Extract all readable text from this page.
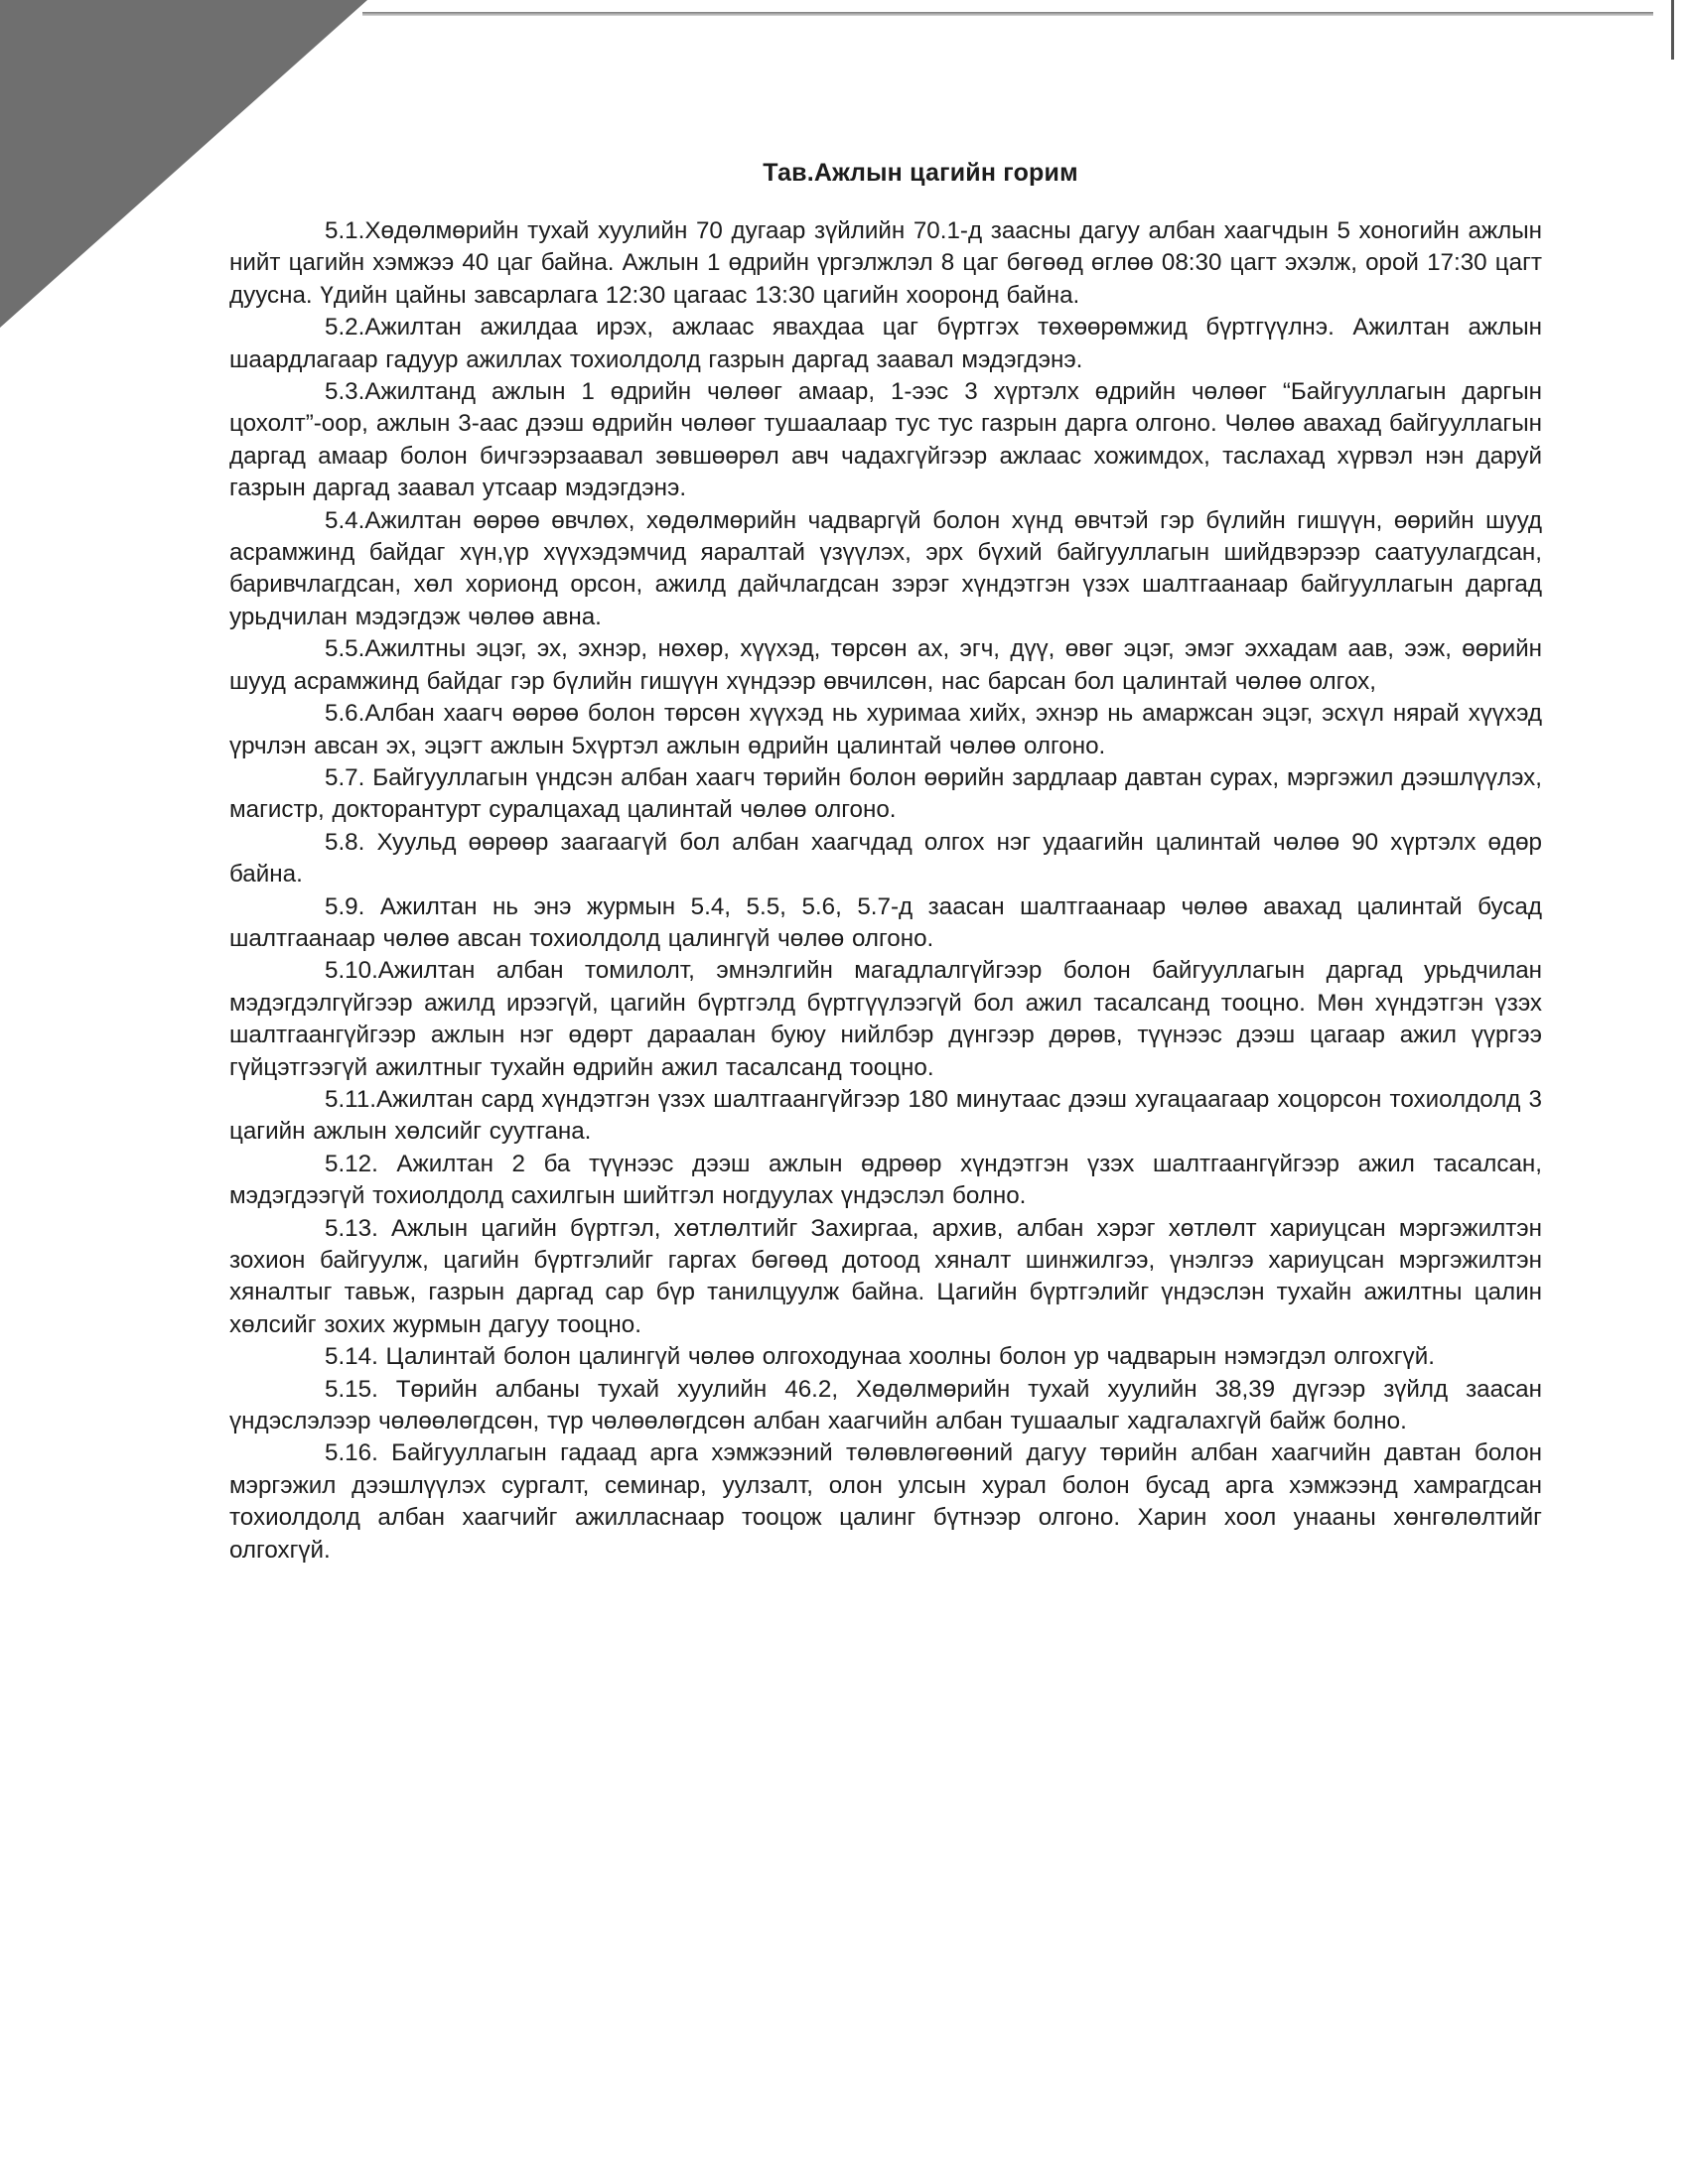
Тав.Ажлын цагийн горим

5.1.Хөдөлмөрийн тухай хуулийн 70 дугаар зүйлийн 70.1-д заасны дагуу албан хаагчдын 5 хоногийн ажлын нийт цагийн хэмжээ 40 цаг байна. Ажлын 1 өдрийн үргэлжлэл 8 цаг бөгөөд өглөө 08:30 цагт эхэлж, орой 17:30 цагт дууснa. Үдийн цайны завсарлага 12:30 цагаас 13:30 цагийн хооронд байна.

5.2.Ажилтан ажилдаа ирэх, ажлаас явахдаа цаг бүртгэх төхөөрөмжид бүртгүүлнэ. Ажилтан ажлын шаардлагаар гадуур ажиллах тохиолдолд газрын даргад заавал мэдэгдэнэ.

5.3.Ажилтанд ажлын 1 өдрийн чөлөөг амаар, 1-ээс 3 хүртэлх өдрийн чөлөөг “Байгууллагын даргын цохолт”-оор, ажлын 3-аас дээш өдрийн чөлөөг тушаалаар тус тус газрын дарга олгоно. Чөлөө авахад байгууллагын даргад амаар болон бичгээрзаавал зөвшөөрөл авч чадахгүйгээр ажлаас хожимдох, таслахад хүрвэл нэн даруй газрын даргад заавал утсаар мэдэгдэнэ.

5.4.Ажилтан өөрөө өвчлөх, хөдөлмөрийн чадваргүй болон хүнд өвчтэй гэр бүлийн гишүүн, өөрийн шууд асрамжинд байдаг хүн,үр хүүхэдэмчид яаралтай үзүүлэх, эрх бүхий байгууллагын шийдвэрээр саатуулагдсан, баривчлагдсан, хөл хорионд орсон, ажилд дайчлагдсан зэрэг хүндэтгэн үзэх шалтгаанаар байгууллагын даргад урьдчилан мэдэгдэж чөлөө авна.

5.5.Ажилтны эцэг, эх, эхнэр, нөхөр, хүүхэд, төрсөн ах, эгч, дүү, өвөг эцэг, эмэг эххадам аав, ээж, өөрийн шууд асрамжинд байдаг гэр бүлийн гишүүн хүндээр өвчилсөн, нас барсан бол цалинтай чөлөө олгох,

5.6.Албан хаагч өөрөө болон төрсөн хүүхэд нь хуримаа хийх, эхнэр нь амаржсан эцэг, эсхүл нярай хүүхэд үрчлэн авсан эх, эцэгт ажлын 5хүртэл ажлын өдрийн цалинтай чөлөө олгоно.

5.7. Байгууллагын үндсэн албан хаагч төрийн болон өөрийн зардлаар давтан сурах, мэргэжил дээшлүүлэх, магистр, докторантурт суралцахад цалинтай чөлөө олгоно.

5.8. Хуульд өөрөөр заагаагүй бол албан хаагчдад олгох нэг удаагийн цалинтай чөлөө 90 хүртэлх өдөр байна.

5.9. Ажилтан нь энэ журмын 5.4, 5.5, 5.6, 5.7-д заасан шалтгаанаар чөлөө авахад цалинтай бусад шалтгаанаар чөлөө авсан тохиолдолд цалингүй чөлөө олгоно.

5.10.Ажилтан албан томилолт, эмнэлгийн магадлалгүйгээр болон байгууллагын даргад урьдчилан мэдэгдэлгүйгээр ажилд ирээгүй, цагийн бүртгэлд бүртгүүлээгүй бол ажил тасалсанд тооцно. Мөн хүндэтгэн үзэх шалтгаангүйгээр ажлын нэг өдөрт дараалан буюу нийлбэр дүнгээр дөрөв, түүнээс дээш цагаар ажил үүргээ гүйцэтгээгүй ажилтныг тухайн өдрийн ажил тасалсанд тооцно.

5.11.Ажилтан сард хүндэтгэн үзэх шалтгаангүйгээр 180 минутаас дээш хугацаагаар хоцорсон тохиолдолд 3 цагийн ажлын хөлсийг суутгана.

5.12. Ажилтан 2 ба түүнээс дээш ажлын өдрөөр хүндэтгэн үзэх шалтгаангүйгээр ажил тасалсан, мэдэгдээгүй тохиолдолд сахилгын шийтгэл ногдуулах үндэслэл болно.

5.13. Ажлын цагийн бүртгэл, хөтлөлтийг Захиргаа, архив, албан хэрэг хөтлөлт хариуцсан мэргэжилтэн зохион байгуулж, цагийн бүртгэлийг гаргах бөгөөд дотоод хяналт шинжилгээ, үнэлгээ хариуцсан мэргэжилтэн хяналтыг тавьж, газрын даргад сар бүр танилцуулж байна. Цагийн бүртгэлийг үндэслэн тухайн ажилтны цалин хөлсийг зохих журмын дагуу тооцно.

5.14. Цалинтай болон цалингүй чөлөө олгоходунаа хоолны болон ур чадварын нэмэгдэл олгохгүй.

5.15. Төрийн албаны тухай хуулийн 46.2, Хөдөлмөрийн тухай хуулийн 38,39 дүгээр зүйлд заасан үндэслэлээр чөлөөлөгдсөн, түр чөлөөлөгдсөн албан хаагчийн албан тушаалыг хадгалахгүй байж болно.

5.16. Байгууллагын гадаад арга хэмжээний төлөвлөгөөний дагуу төрийн албан хаагчийн давтан болон мэргэжил дээшлүүлэх сургалт, семинар, уулзалт, олон улсын хурал болон бусад арга хэмжээнд хамрагдсан тохиолдолд албан хаагчийг ажилласнаар тооцож цалинг бүтнээр олгоно. Харин хоол унааны хөнгөлөлтийг олгохгүй.
